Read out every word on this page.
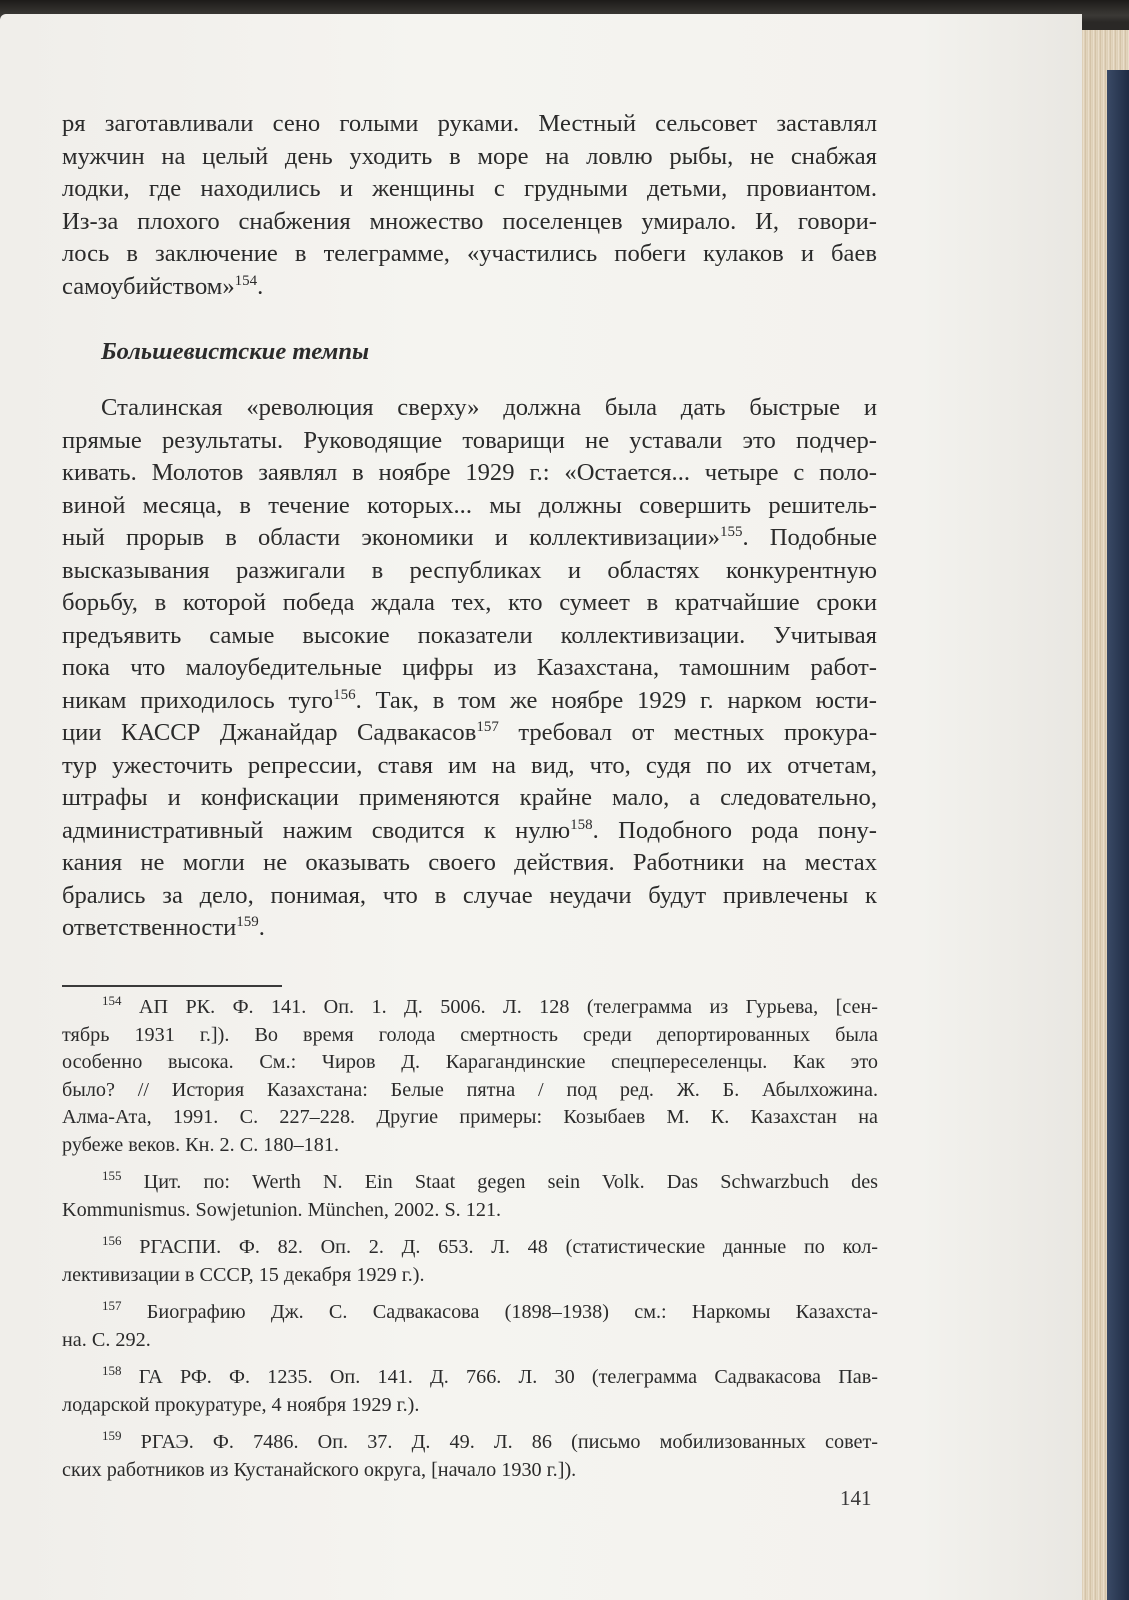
ря заготавливали сено голыми руками. Местный сельсовет заставлял
мужчин на целый день уходить в море на ловлю рыбы, не снабжая
лодки, где находились и женщины с грудными детьми, провиантом.
Из-за плохого снабжения множество поселенцев умирало. И, говори-
лось в заключение в телеграмме, «участились побеги кулаков и баев
самоубийством»$^{154}$.

Большевистские темпы

Сталинская «революция сверху» должна была дать быстрые и
прямые результаты. Руководящие товарищи не уставали это подчер-
кивать. Молотов заявлял в ноябре 1929 г.: «Остается... четыре с поло-
виной месяца, в течение которых... мы должны совершить решитель-
ный прорыв в области экономики и коллективизации»$^{155}$. Подобные
высказывания разжигали в республиках и областях конкурентную
борьбу, в которой победа ждала тех, кто сумеет в кратчайшие сроки
предъявить самые высокие показатели коллективизации. Учитывая
пока что малоубедительные цифры из Казахстана, тамошним работ-
никам приходилось туго$^{156}$. Так, в том же ноябре 1929 г. нарком юсти-
ции КАССР Джанайдар Садвакасов$^{157}$ требовал от местных прокура-
тур ужесточить репрессии, ставя им на вид, что, судя по их отчетам,
штрафы и конфискации применяются крайне мало, а следовательно,
административный нажим сводится к нулю$^{158}$. Подобного рода пону-
кания не могли не оказывать своего действия. Работники на местах
брались за дело, понимая, что в случае неудачи будут привлечены к
ответственности$^{159}$.

$^{154}$ АП РК. Ф. 141. Оп. 1. Д. 5006. Л. 128 (телеграмма из Гурьева, [сен-
тябрь 1931 г.]). Во время голода смертность среди депортированных была
особенно высока. См.: Чиров Д. Карагандинские спецпереселенцы. Как это
было? // История Казахстана: Белые пятна / под ред. Ж. Б. Абылхожина.
Алма-Ата, 1991. С. 227–228. Другие примеры: Козыбаев М. К. Казахстан на
рубеже веков. Кн. 2. С. 180–181.

$^{155}$ Цит. по: Werth N. Ein Staat gegen sein Volk. Das Schwarzbuch des
Kommunismus. Sowjetunion. München, 2002. S. 121.

$^{156}$ РГАСПИ. Ф. 82. Оп. 2. Д. 653. Л. 48 (статистические данные по кол-
лективизации в СССР, 15 декабря 1929 г.).

$^{157}$ Биографию Дж. С. Садвакасова (1898–1938) см.: Наркомы Казахста-
на. С. 292.

$^{158}$ ГА РФ. Ф. 1235. Оп. 141. Д. 766. Л. 30 (телеграмма Садвакасова Пав-
лодарской прокуратуре, 4 ноября 1929 г.).

$^{159}$ РГАЭ. Ф. 7486. Оп. 37. Д. 49. Л. 86 (письмо мобилизованных совет-
ских работников из Кустанайского округа, [начало 1930 г.]).

141
